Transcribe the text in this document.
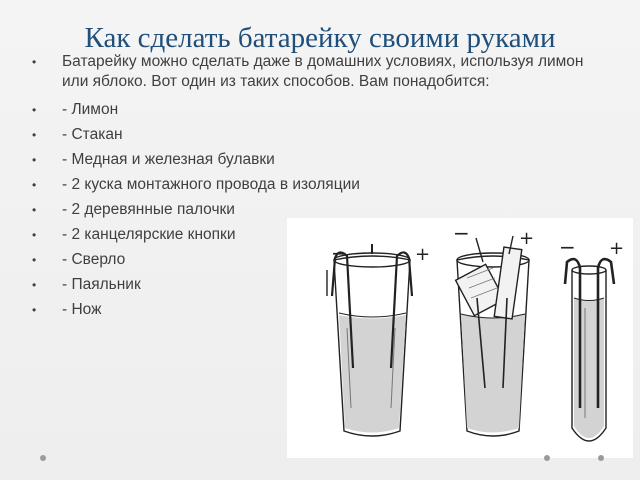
Как сделать батарейку своими руками
• Батарейку можно сделать даже в домашних условиях, используя лимон или яблоко. Вот один из таких способов. Вам понадобится:
• - Лимон
• - Стакан
• - Медная и железная булавки
• - 2 куска монтажного провода в изоляции
• - 2 деревянные палочки
• - 2 канцелярские кнопки
• - Сверло
• - Паяльник
• - Нож
−	+
−	+ − +
